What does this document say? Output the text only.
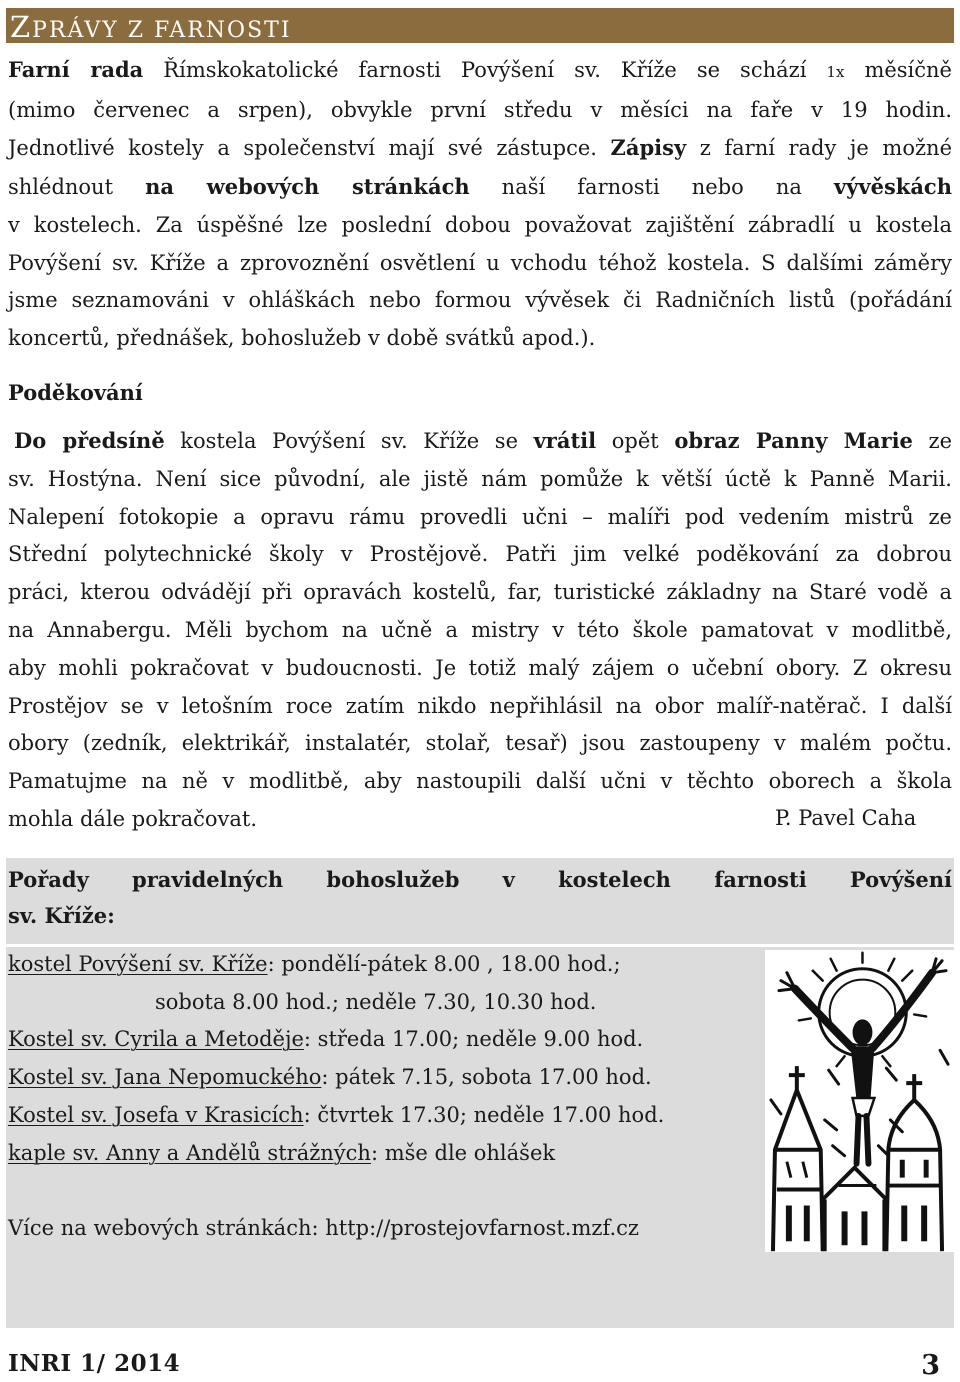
ZPRÁVY Z FARNOSTI
Farní rada Římskokatolické farnosti Povýšení sv. Kříže se schází 1x měsíčně
(mimo červenec a srpen), obvykle první středu v měsíci na faře v 19 hodin.
Jednotlivé kostely a společenství mají své zástupce. Zápisy z farní rady je možné
shlédnout na webových stránkách naší farnosti nebo na vývěskách
v kostelech. Za úspěšné lze poslední dobou považovat zajištění zábradlí u kostela
Povýšení sv. Kříže a zprovoznění osvětlení u vchodu téhož kostela. S dalšími záměry
jsme seznamováni v ohláškách nebo formou vývěsek či Radničních listů (pořádání
koncertů, přednášek, bohoslužeb v době svátků apod.).
Poděkování
Do předsíně kostela Povýšení sv. Kříže se vrátil opět obraz Panny Marie ze
sv. Hostýna. Není sice původní, ale jistě nám pomůže k větší úctě k Panně Marii.
Nalepení fotokopie a opravu rámu provedli učni – malíři pod vedením mistrů ze
Střední polytechnické školy v Prostějově. Patři jim velké poděkování za dobrou
práci, kterou odvádějí při opravách kostelů, far, turistické základny na Staré vodě a
na Annabergu. Měli bychom na učně a mistry v této škole pamatovat v modlitbě,
aby mohli pokračovat v budoucnosti. Je totiž malý zájem o učební obory. Z okresu
Prostějov se v letošním roce zatím nikdo nepřihlásil na obor malíř-natěrač. I další
obory (zedník, elektrikář, instalatér, stolař, tesař) jsou zastoupeny v malém počtu.
Pamatujme na ně v modlitbě, aby nastoupili další učni v těchto oborech a škola
mohla dále pokračovat.	P. Pavel Caha
Pořady pravidelných bohoslužeb v kostelech farnosti Povýšení
sv. Kříže:
kostel Povýšení sv. Kříže: pondělí-pátek 8.00 , 18.00 hod.;
sobota 8.00 hod.; neděle 7.30, 10.30 hod.
Kostel sv. Cyrila a Metoděje: středa 17.00; neděle 9.00 hod.
Kostel sv. Jana Nepomuckého: pátek 7.15, sobota 17.00 hod.
Kostel sv. Josefa v Krasicích: čtvrtek 17.30; neděle 17.00 hod.
kaple sv. Anny a Andělů strážných: mše dle ohlášek
Více na webových stránkách: http://prostejovfarnost.mzf.cz
INRI 1/ 2014	3
